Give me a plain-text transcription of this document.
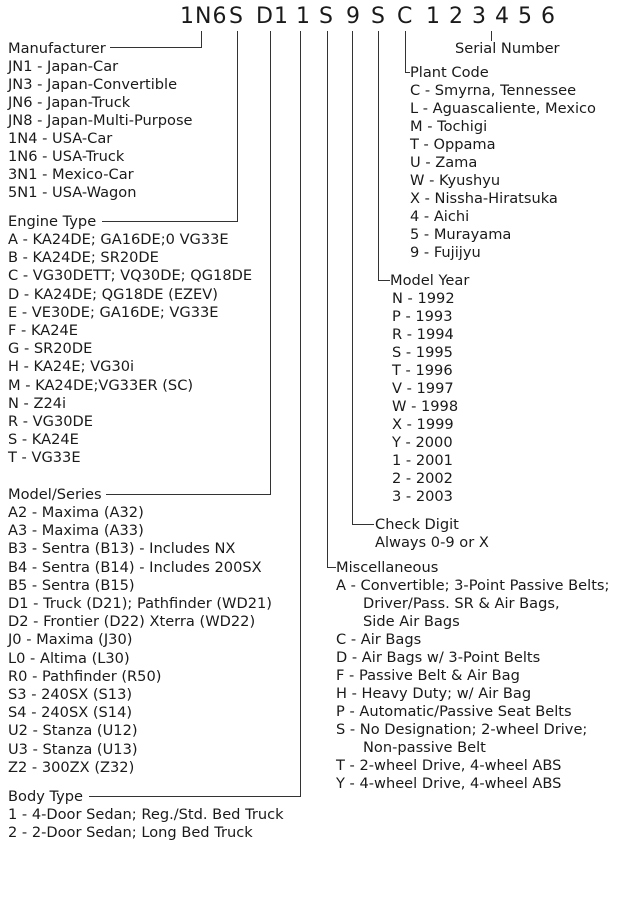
1N6 S D1 1 S 9 S C 1 2 3 4 5 6
Serial Number
Manufacturer
JN1 - Japan-Car
JN3 - Japan-Convertible
JN6 - Japan-Truck
JN8 - Japan-Multi-Purpose
1N4 - USA-Car
1N6 - USA-Truck
3N1 - Mexico-Car
5N1 - USA-Wagon
Engine Type
A - KA24DE; GA16DE;0 VG33E
B - KA24DE; SR20DE
C - VG30DETT; VQ30DE; QG18DE
D - KA24DE; QG18DE (EZEV)
E - VE30DE; GA16DE; VG33E
F - KA24E
G - SR20DE
H - KA24E; VG30i
M - KA24DE;VG33ER (SC)
N - Z24i
R - VG30DE
S - KA24E
T - VG33E
Model/Series
A2 - Maxima (A32)
A3 - Maxima (A33)
B3 - Sentra (B13) - Includes NX
B4 - Sentra (B14) - Includes 200SX
B5 - Sentra (B15)
D1 - Truck (D21); Pathfinder (WD21)
D2 - Frontier (D22) Xterra (WD22)
J0 - Maxima (J30)
L0 - Altima (L30)
R0 - Pathfinder (R50)
S3 - 240SX (S13)
S4 - 240SX (S14)
U2 - Stanza (U12)
U3 - Stanza (U13)
Z2 - 300ZX (Z32)
Body Type
1 - 4-Door Sedan; Reg./Std. Bed Truck
2 - 2-Door Sedan; Long Bed Truck
Plant Code
C - Smyrna, Tennessee
L - Aguascaliente, Mexico
M - Tochigi
T - Oppama
U - Zama
W - Kyushyu
X - Nissha-Hiratsuka
4 - Aichi
5 - Murayama
9 - Fujijyu
Model Year
N - 1992
P - 1993
R - 1994
S - 1995
T - 1996
V - 1997
W - 1998
X - 1999
Y - 2000
1 - 2001
2 - 2002
3 - 2003
Check Digit
Always 0-9 or X
Miscellaneous
A - Convertible; 3-Point Passive Belts;
Driver/Pass. SR & Air Bags,
Side Air Bags
C - Air Bags
D - Air Bags w/ 3-Point Belts
F - Passive Belt & Air Bag
H - Heavy Duty; w/ Air Bag
P - Automatic/Passive Seat Belts
S - No Designation; 2-wheel Drive;
Non-passive Belt
T - 2-wheel Drive, 4-wheel ABS
Y - 4-wheel Drive, 4-wheel ABS
